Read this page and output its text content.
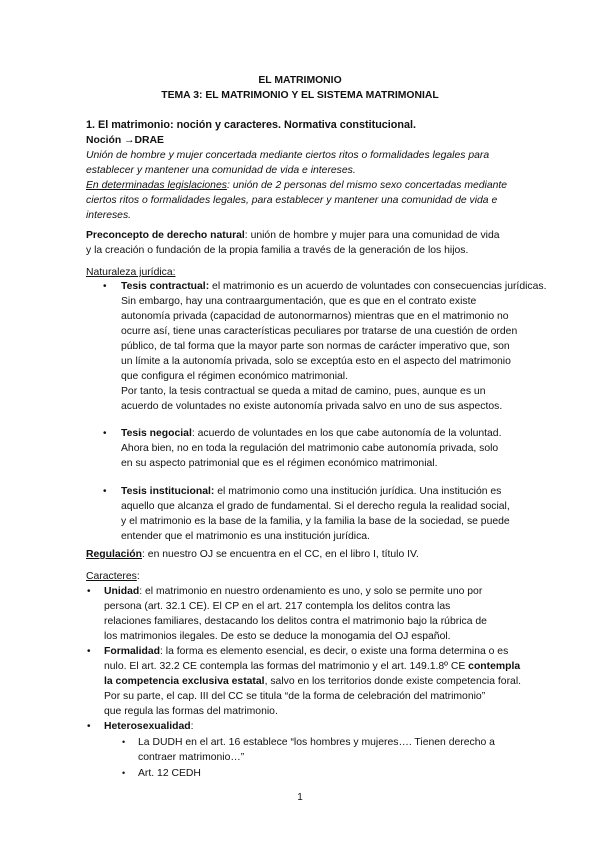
EL MATRIMONIO
TEMA 3: EL MATRIMONIO Y EL SISTEMA MATRIMONIAL
1. El matrimonio: noción y caracteres. Normativa constitucional.
Noción →DRAE
Unión de hombre y mujer concertada mediante ciertos ritos o formalidades legales para
establecer y mantener una comunidad de vida e intereses.
En determinadas legislaciones: unión de 2 personas del mismo sexo concertadas mediante
ciertos ritos o formalidades legales, para establecer y mantener una comunidad de vida e
intereses.
Preconcepto de derecho natural: unión de hombre y mujer para una comunidad de vida
y la creación o fundación de la propia familia a través de la generación de los hijos.
Naturaleza jurídica:
• Tesis contractual: el matrimonio es un acuerdo de voluntades con consecuencias jurídicas.
Sin embargo, hay una contraargumentación, que es que en el contrato existe
autonomía privada (capacidad de autonormarnos) mientras que en el matrimonio no
ocurre así, tiene unas características peculiares por tratarse de una cuestión de orden
público, de tal forma que la mayor parte son normas de carácter imperativo que, son
un límite a la autonomía privada, solo se exceptúa esto en el aspecto del matrimonio
que configura el régimen económico matrimonial.
Por tanto, la tesis contractual se queda a mitad de camino, pues, aunque es un
acuerdo de voluntades no existe autonomía privada salvo en uno de sus aspectos.
• Tesis negocial: acuerdo de voluntades en los que cabe autonomía de la voluntad.
Ahora bien, no en toda la regulación del matrimonio cabe autonomía privada, solo
en su aspecto patrimonial que es el régimen económico matrimonial.
• Tesis institucional: el matrimonio como una institución jurídica. Una institución es
aquello que alcanza el grado de fundamental. Si el derecho regula la realidad social,
y el matrimonio es la base de la familia, y la familia la base de la sociedad, se puede
entender que el matrimonio es una institución jurídica.
Regulación: en nuestro OJ se encuentra en el CC, en el libro I, título IV.
Caracteres:
• Unidad: el matrimonio en nuestro ordenamiento es uno, y solo se permite uno por
persona (art. 32.1 CE). El CP en el art. 217 contempla los delitos contra las
relaciones familiares, destacando los delitos contra el matrimonio bajo la rúbrica de
los matrimonios ilegales. De esto se deduce la monogamia del OJ español.
• Formalidad: la forma es elemento esencial, es decir, o existe una forma determina o es
nulo. El art. 32.2 CE contempla las formas del matrimonio y el art. 149.1.8º CE contempla
la competencia exclusiva estatal, salvo en los territorios donde existe competencia foral.
Por su parte, el cap. III del CC se titula “de la forma de celebración del matrimonio”
que regula las formas del matrimonio.
• Heterosexualidad:
• La DUDH en el art. 16 establece “los hombres y mujeres…. Tienen derecho a
contraer matrimonio…”
• Art. 12 CEDH
1
